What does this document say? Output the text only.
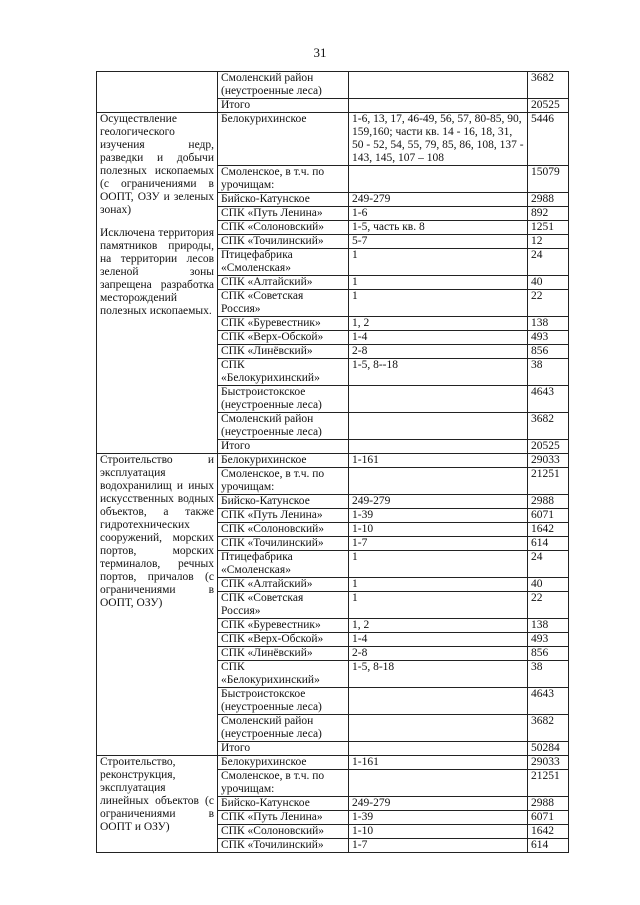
31
	Смоленский район (неустроенные леса)		3682
	Итого		20525

Осуществление геологического изучения недр, разведки и добычи полезных ископаемых (с ограничениями в ООПТ, ОЗУ и зеленых зонах)

Исключена территория памятников природы, на территории лесов зеленой зоны запрещена разработка месторождений полезных ископаемых.	Белокурихинское	1-6, 13, 17, 46-49, 56, 57, 80-85, 90, 159,160; части кв. 14 - 16, 18, 31, 50 - 52, 54, 55, 79, 85, 86, 108, 137 - 143, 145, 107 – 108	5446
	Смоленское, в т.ч. по урочищам:		15079
	Бийско-Катунское	249-279	2988
	СПК «Путь Ленина»	1-6	892
	СПК «Солоновский»	1-5, часть кв. 8	1251
	СПК «Точилинский»	5-7	12
	Птицефабрика «Смоленская»	1	24
	СПК «Алтайский»	1	40
	СПК «Советская Россия»	1	22
	СПК «Буревестник»	1, 2	138
	СПК «Верх-Обской»	1-4	493
	СПК «Линёвский»	2-8	856
	СПК «Белокурихинский»	1-5, 8--18	38
	Быстроистокское (неустроенные леса)		4643
	Смоленский район (неустроенные леса)		3682
	Итого		20525

Строительство и эксплуатация водохранилищ и иных искусственных водных объектов, а также гидротехнических сооружений, морских портов, морских терминалов, речных портов, причалов (с ограничениями в ООПТ, ОЗУ)	Белокурихинское	1-161	29033
	Смоленское, в т.ч. по урочищам:		21251
	Бийско-Катунское	249-279	2988
	СПК «Путь Ленина»	1-39	6071
	СПК «Солоновский»	1-10	1642
	СПК «Точилинский»	1-7	614
	Птицефабрика «Смоленская»	1	24
	СПК «Алтайский»	1	40
	СПК «Советская Россия»	1	22
	СПК «Буревестник»	1, 2	138
	СПК «Верх-Обской»	1-4	493
	СПК «Линёвский»	2-8	856
	СПК «Белокурихинский»	1-5, 8-18	38
	Быстроистокское (неустроенные леса)		4643
	Смоленский район (неустроенные леса)		3682
	Итого		50284

Строительство, реконструкция, эксплуатация линейных объектов (с ограничениями в ООПТ и ОЗУ)	Белокурихинское	1-161	29033
	Смоленское, в т.ч. по урочищам:		21251
	Бийско-Катунское	249-279	2988
	СПК «Путь Ленина»	1-39	6071
	СПК «Солоновский»	1-10	1642
	СПК «Точилинский»	1-7	614
